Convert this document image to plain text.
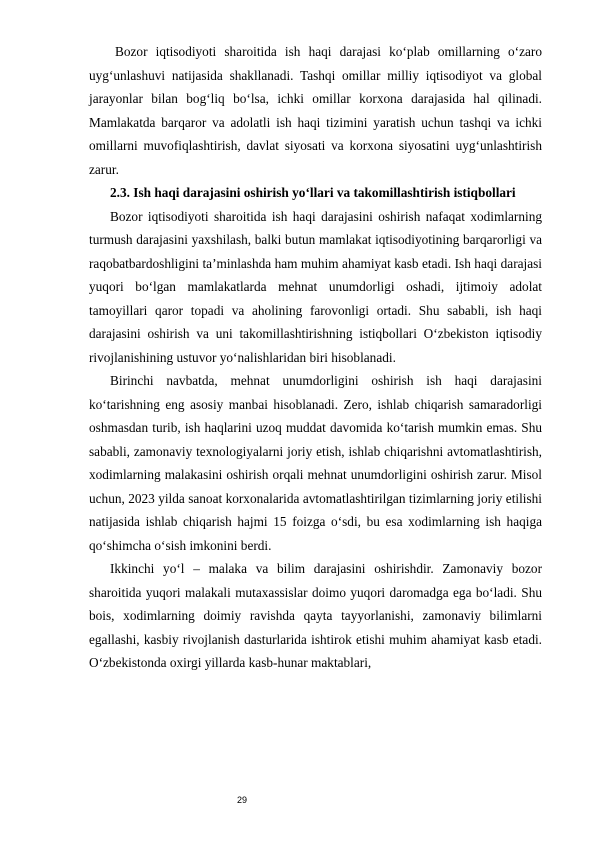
Bozor iqtisodiyoti sharoitida ish haqi darajasi ko‘plab omillarning o‘zaro uyg‘unlashuvi natijasida shakllanadi. Tashqi omillar milliy iqtisodiyot va global jarayonlar bilan bog‘liq bo‘lsa, ichki omillar korxona darajasida hal qilinadi. Mamlakatda barqaror va adolatli ish haqi tizimini yaratish uchun tashqi va ichki omillarni muvofiqlashtirish, davlat siyosati va korxona siyosatini uyg‘unlashtirish zarur.

2.3. Ish haqi darajasini oshirish yo‘llari va takomillashtirish istiqbollari

Bozor iqtisodiyoti sharoitida ish haqi darajasini oshirish nafaqat xodimlarning turmush darajasini yaxshilash, balki butun mamlakat iqtisodiyotining barqarorligi va raqobatbardoshligini ta’minlashda ham muhim ahamiyat kasb etadi. Ish haqi darajasi yuqori bo‘lgan mamlakatlarda mehnat unumdorligi oshadi, ijtimoiy adolat tamoyillari qaror topadi va aholining farovonligi ortadi. Shu sababli, ish haqi darajasini oshirish va uni takomillashtirishning istiqbollari O‘zbekiston iqtisodiy rivojlanishining ustuvor yo‘nalishlaridan biri hisoblanadi.

Birinchi navbatda, mehnat unumdorligini oshirish ish haqi darajasini ko‘tarishning eng asosiy manbai hisoblanadi. Zero, ishlab chiqarish samaradorligi oshmasdan turib, ish haqlarini uzoq muddat davomida ko‘tarish mumkin emas. Shu sababli, zamonaviy texnologiyalarni joriy etish, ishlab chiqarishni avtomatlashtirish, xodimlarning malakasini oshirish orqali mehnat unumdorligini oshirish zarur. Misol uchun, 2023 yilda sanoat korxonalarida avtomatlashtirilgan tizimlarning joriy etilishi natijasida ishlab chiqarish hajmi 15 foizga o‘sdi, bu esa xodimlarning ish haqiga qo‘shimcha o‘sish imkonini berdi.

Ikkinchi yo‘l – malaka va bilim darajasini oshirishdir. Zamonaviy bozor sharoitida yuqori malakali mutaxassislar doimo yuqori daromadga ega bo‘ladi. Shu bois, xodimlarning doimiy ravishda qayta tayyorlanishi, zamonaviy bilimlarni egallashi, kasbiy rivojlanish dasturlarida ishtirok etishi muhim ahamiyat kasb etadi. O‘zbekistonda oxirgi yillarda kasb-hunar maktablari,

29
